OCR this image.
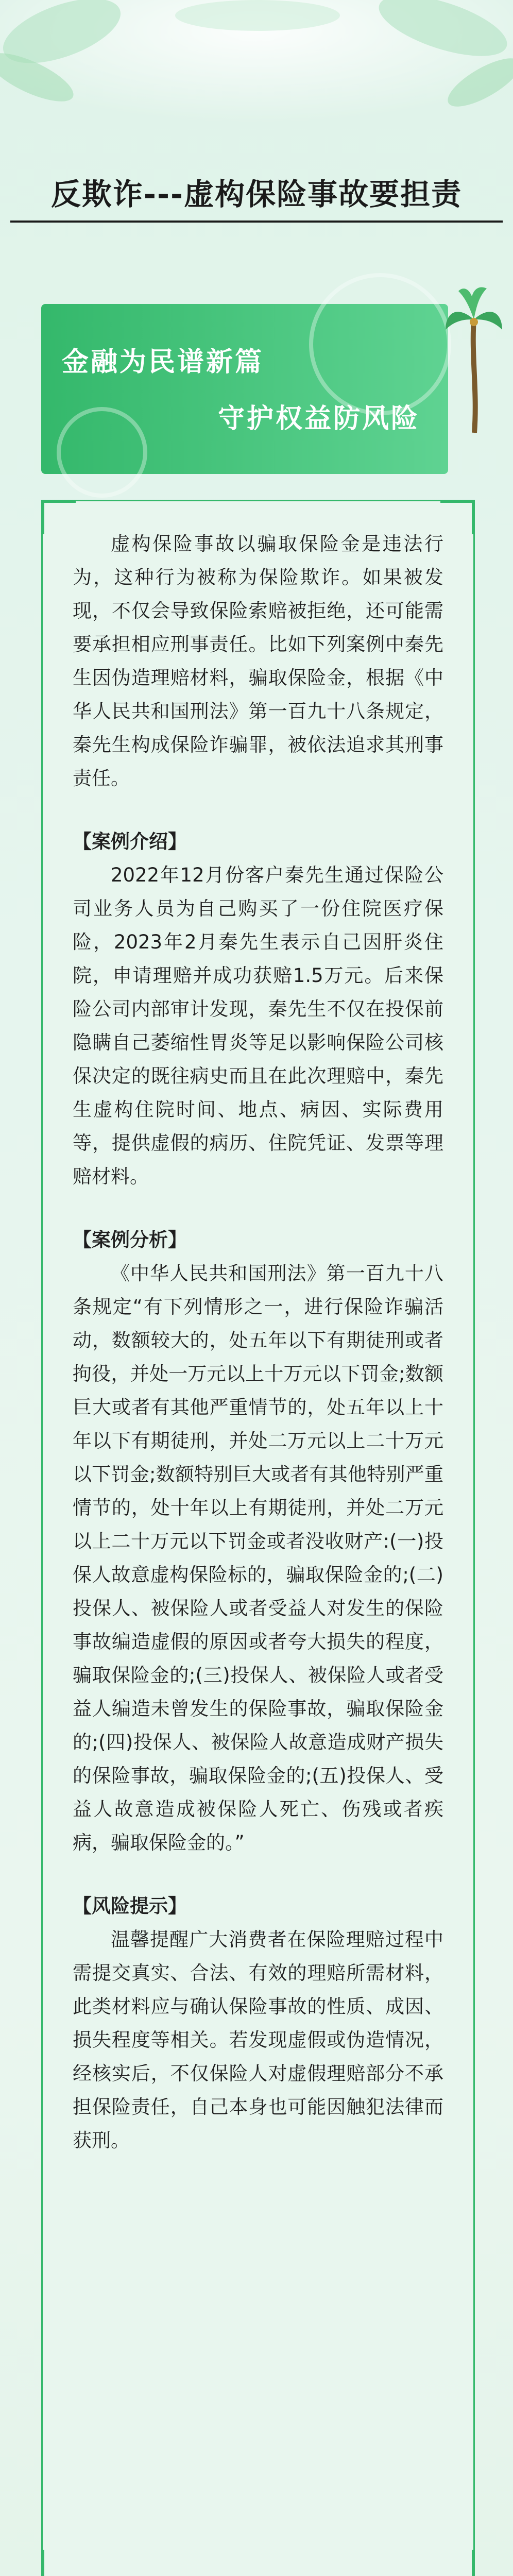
反欺诈---虚构保险事故要担责
金融为民谱新篇
守护权益防风险

虚构保险事故以骗取保险金是违法行为，这种行为被称为保险欺诈。如果被发现，不仅会导致保险索赔被拒绝，还可能需要承担相应刑事责任。比如下列案例中秦先生因伪造理赔材料，骗取保险金，根据《中华人民共和国刑法》第一百九十八条规定，秦先生构成保险诈骗罪，被依法追求其刑事责任。

【案例介绍】

2022年12月份客户秦先生通过保险公司业务人员为自己购买了一份住院医疗保险，2023年2月秦先生表示自己因肝炎住院，申请理赔并成功获赔1.5万元。后来保险公司内部审计发现，秦先生不仅在投保前隐瞒自己萎缩性胃炎等足以影响保险公司核保决定的既往病史而且在此次理赔中，秦先生虚构住院时间、地点、病因、实际费用等，提供虚假的病历、住院凭证、发票等理赔材料。

【案例分析】

《中华人民共和国刑法》第一百九十八条规定“有下列情形之一，进行保险诈骗活动，数额较大的，处五年以下有期徒刑或者拘役，并处一万元以上十万元以下罚金;数额巨大或者有其他严重情节的，处五年以上十年以下有期徒刑，并处二万元以上二十万元以下罚金;数额特别巨大或者有其他特别严重情节的，处十年以上有期徒刑，并处二万元以上二十万元以下罚金或者没收财产:(一)投保人故意虚构保险标的，骗取保险金的;(二)投保人、被保险人或者受益人对发生的保险事故编造虚假的原因或者夸大损失的程度，骗取保险金的;(三)投保人、被保险人或者受益人编造未曾发生的保险事故，骗取保险金的;(四)投保人、被保险人故意造成财产损失的保险事故，骗取保险金的;(五)投保人、受益人故意造成被保险人死亡、伤残或者疾病，骗取保险金的。”

【风险提示】

温馨提醒广大消费者在保险理赔过程中需提交真实、合法、有效的理赔所需材料，此类材料应与确认保险事故的性质、成因、损失程度等相关。若发现虚假或伪造情况，经核实后，不仅保险人对虚假理赔部分不承担保险责任，自己本身也可能因触犯法律而获刑。
